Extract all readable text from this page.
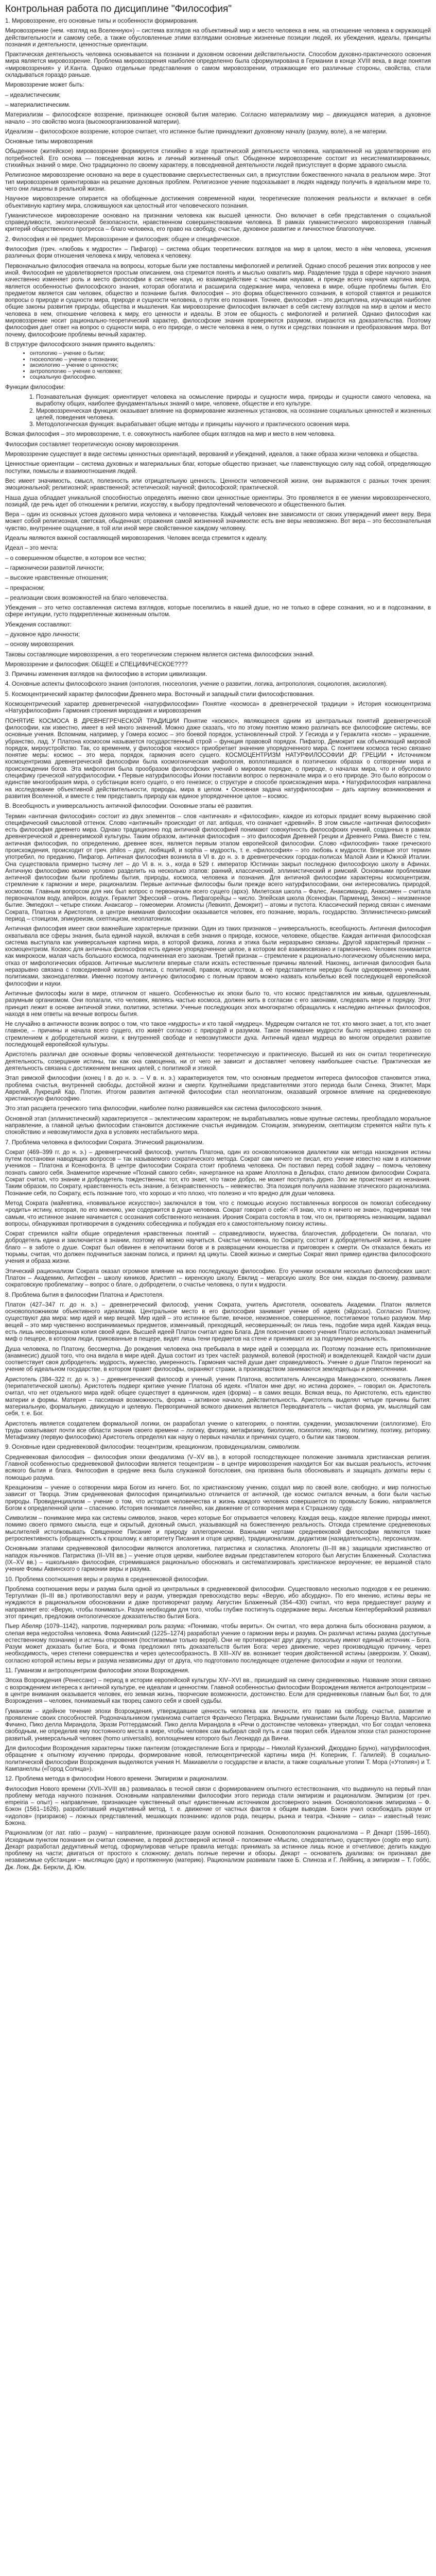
Контрольная работа по дисциплине "Философия"

1. Мировоззрение, его основные типы и особенности формирования.

Мировоззрение (нем. «взгляд на Вселенную») – система взглядов на объективный мир и место человека в нем, на отношение человека к окружающей действительности и самому себе, а также обусловленные этими взглядами основные жизненные позиции людей, их убеждения, идеалы, принципы познания и деятельности, ценностные ориентации.

Практическая деятельность человека основывается на познании и духовном освоении действительности. Способом духовно-практического освоения мира является мировоззрение. Проблема мировоззрения наиболее определенно была сформулирована в Германии в конце XVIII века, в виде понятия «мировоззрения» у И.Канта. Однако отдельные представления о самом мировоззрении, отражающие его различные стороны, свойства, стали складываться гораздо раньше.

Мировоззрение может быть:

– идеалистическим;

– материалистическим.

Материализм – философское воззрение, признающее основой бытия материю. Согласно материализму мир – движущаяся материя, а духовное начало – это свойство мозга (высокоорганизованной материи).

Идеализм – философское воззрение, которое считает, что истинное бытие принадлежит духовному началу (разуму, воле), а не материи.

Основные типы мировоззрения

Обыденное (житейское) мировоззрение формируется стихийно в ходе практической деятельности человека, направленной на удовлетворение его потребностей. Его основа — повседневная жизнь и личный жизненный опыт. Обыденное мировоззрение состоит из несистематизированных, стихийных знаний о мире. Оно традиционно по своему характеру, в повседневной деятельности людей присутствует в форме здравого смысла.

Религиозное мировоззрение основано на вере в существование сверхъестественных сил, в присутствии божественного начала в реальном мире. Этот тип мировоззрения ориентирован на решение духовных проблем. Религиозное учение подсказывает в людях надежду получить в идеальном мире то, чего они лишены в реальной жизни.

Научное мировоззрение опирается на обобщенные достижения современной науки, теоретические положения реальности и включает в себя объективную картину мира, сложившуюся как целостный итог человеческого познания.

Гуманистическое мировоззрение основано на признании человека как высшей ценности. Оно включает в себя представления о социальной справедливости, экологической безопасности, нравственном совершенствовании человека. В рамках гуманистического мировоззрения главный критерий общественного прогресса – благо человека, его право на свободу, счастье, духовное развитие и личностное благополучие.

2. Философия и её предмет. Мировоззрение и философия: общее и специфическое.

Философия (греч. «любовь к мудрости» – Пифагор) – система общих теоретических взглядов на мир в целом, место в нём человека, уяснения различных форм отношения человека к миру, человека к человеку.

Первоначально философия отвечала на вопросы, которые были уже поставлены мифологией и религией. Однако способ решения этих вопросов у нее иной. Философия не удовлетворяется простым описанием, она стремится понять и мыслью охватить мир. Разделение труда в сфере научного знания качественно изменяет роль и место философии в системе наук, но взаимодействие с частными науками, и прежде всего научная картина мира, является особенностью философского знания, которая обогатила и расширила содержание мира, человека в мире, общие проблемы бытия. Его предметом является сам человек, общество и познание бытия. Философия – это форма общественного сознания, в которой ставятся и решаются вопросы о природе и сущности мира, природе и сущности человека, о путях его познания. Точнее, философия – это дисциплина, изучающая наиболее общие законы развития природы, общества и мышления. Как мировоззрение философия включает в себя систему взглядов на мир в целом и место человека в нем, отношение человека к миру, его ценности и идеалы. В этом ее общность с мифологией и религией. Однако философия как мировоззрение носит рационально-теоретический характер, философские знания проверяются разумом, опираются на доказательства. Поэтому философия дает ответ на вопрос о сущности мира, о его природе, о месте человека в нем, о путях и средствах познания и преобразования мира. Вот почему, философские проблемы вечный характер.

В структуре философского знания принято выделять:

• онтологию – учение о бытии;
• гносеологию – учение о познании;
• аксиологию – учение о ценностях;
• антропологию – учение о человеке;
• социальную философию.

Функции философии:

1. Познавательная функция: ориентирует человека на осмысление природы и сущности мира, природы и сущности самого человека, на выработку общих, наиболее фундаментальных знаний о мире, человеке, обществе и его культуре.
2. Мировоззренческая функция: оказывает влияние на формирование жизненных установок, на осознание социальных ценностей и жизненных целей, поведения человека.
3. Методологическая функция: вырабатывает общие методы и принципы научного и практического освоения мира.

Всякая философия – это мировоззрение, т. е. совокупность наиболее общих взглядов на мир и место в нем человека.

Философия составляет теоретическую основу мировоззрения.

Мировоззрение существует в виде системы ценностных ориентаций, верований и убеждений, идеалов, а также образа жизни человека и общества.

Ценностные ориентации – система духовных и материальных благ, которые общество признает, чье главенствующую силу над собой, определяющую поступки, помыслы и взаимоотношения людей.

Вес имеет значимость, смысл, полезность или отрицательную ценность. Ценности человеческой жизни, они выражаются с разных точек зрения: эмоциональной; религиозной; нравственной; эстетической; научной; философской; практической.

Наша душа обладает уникальной способностью определять именно свои ценностные ориентиры. Это проявляется в ее умении мировоззренческого, позиций, где речь идет об отношении к религии, искусству, к выбору предпочтений человеческого и общественного бытия.

Вера – один из основных устоев духовного мира человека и человечества. Каждый человек вне зависимости от своих утверждений имеет веру. Вера может собой религиозная, светская, обыденная; отражения самой жизненной значимости: есть вне веры невозможно. Вот вера – это бессознательная чувство, внутреннее ощущение, в той или иной мере свойственное каждому человеку.

Идеалы являются важной составляющей мировоззрения. Человек всегда стремится к идеалу.

Идеал – это мечта:

– о совершенном обществе, в котором все честно;

– гармонически развитой личности;

– высокие нравственные отношения;

– прекрасном;

– реализации своих возможностей на благо человечества.

Убеждения – это четко составленная система взглядов, которые поселились в нашей душе, но не только в сфере сознания, но и в подсознании, в сфере интуиции, густо подкрепленные жизненным опытом.

Убеждения составляют:

– духовное ядро личности;

– основу мировоззрения.

Таковы составляющие мировоззрения, а его теоретическим стержнем является система философских знаний.

Мировоззрение и философия: ОБЩЕЕ и СПЕЦИФИЧЕСКОЕ????

3. Причины изменения взглядов на философию в истории цивилизации.

4. Основные аспекты философского знания (онтология, гносеология, учение о развитии, логика, антропология, социология, аксиология).

5. Космоцентрический характер философии Древнего мира. Восточный и западный стили философствования.

Космоцентрический характер древнегреческой «натурфилософии» Понятие «космоса» в древнегреческой традиции » История космоцентризма «Натурфилософия» Гармония строения мироздания и мировоззрения

ПОНЯТИЕ КОСМОСА В ДРЕВНЕГРЕЧЕСКОЙ ТРАДИЦИИ Понятие «космос», являющееся одним из центральных понятий древнегреческой философии, как известно, имеет в ней много значений. Можно даже сказать, что по этому понятию можно различать все философские системы, все основные учения. Вспомним, например, у Гомера космос – это боевой порядок, установленный строй. У Гесиода и у Гераклита «косм» – украшение, убранство, лад. У Платона космосом называется государственный строй – функция правовой порядок. Пифагор, Демокрит как объемлющий мировой порядок, мироустройство. Так, со временем, у философов «космос» приобретает значение упорядоченного мира. С понятием космоса тесно связано понятие меры: космос – это мера, порядок, гармония всего сущего. КОСМОЦЕНТРИЗМ НАТУРФИЛОСОФИИ ДР. ГРЕЦИИ • Источником космоцентризма древнегреческой философии была космогоническая мифология, воплотившаяся в поэтических образах о сотворении мира и происхождении богов. Эта мифология была прообразом философских учений о мировом порядке, о природе, о началах мира, что и обусловило специфику греческой натурфилософии. • Первые натурфилософы Ионии поставили вопрос о первоначале мира и о его природе. Это было вопросом о единстве многообразия мира, о субстанции всего сущего, о его генезисе; о структуре и способе происхождения мира. • Натурфилософия направлена на исследование объективной действительности, природы, мира в целом. • Основная задача натурфилософии – дать картину возникновения и развития Вселенной, и вместе с тем представить природу как единое упорядоченное целое – космос.

В. Всеобщность и универсальность античной философии. Основные этапы её развития.

Термин «античная философия» состоит из двух элементов – слов «античная» и «философия», каждое из которых придает всему выражению свой специфический смысловой оттенок. Слово «античный» происходит от лат. antiquus, что означает «древний». В этом смысле «античная философия» есть философия древнего мира. Однако традиционно под античной философией понимают совокупность философских учений, созданных в рамках древнегреческой и древнеримской культуры. Таким образом, античная философия – это философия Древней Греции и Древнего Рима. Вместе с тем, античная философия, по определению, древнее всех, является первым этапом европейской философии. Слово «философия» также греческого происхождения, происходит от греч. philos – друг, любящий, и sophia – мудрость, т. е. «философия» – это любовь к мудрости. Впервые этот термин употребил, по преданию, Пифагор. Античная философия возникла в VI в. до н. э. в древнегреческих городах-полисах Малой Азии и Южной Италии. Она существовала примерно тысячу лет – до VI в. н. э., когда в 529 г. император Юстиниан закрыл последнюю философскую школу в Афинах. Античную философию можно условно разделить на несколько этапов: ранний, классический, эллинистический и римский. Основными проблемами античной философии были проблемы бытия, природы, космоса, человека и познания. Для античной философии характерны космоцентризм, стремление к гармонии и мере, рационализм. Первые античные философы были прежде всего натурфилософами, они интересовались природой, космосом. Главным вопросом для них был вопрос о первоначале всего сущего (архэ). Милетская школа – Фалес, Анаксимандр, Анаксимен – считала первоначалом воду, апейрон, воздух. Гераклит Эфесский – огонь. Пифагорейцы – число. Элейская школа (Ксенофан, Парменид, Зенон) – неизменное бытие. Эмпедокл – четыре стихии. Анаксагор – гомеомерии. Атомисты (Левкипп, Демокрит) – атомы и пустота. Классический период связан с именами Сократа, Платона и Аристотеля, в центре внимания философии оказывается человек, его познание, мораль, государство. Эллинистическо-римский период – стоицизм, эпикуреизм, скептицизм, неоплатонизм.

Античная философия имеет свои важнейшие характерные признаки. Один из таких признаков – универсальность, всеобщность. Античная философия охватывала все сферы знания, была единой наукой, включая в себя знания о природе, космосе, человеке, обществе. Каждая античная философская система выступала как универсальная картина мира, в которой физика, логика и этика были неразрывно связаны. Другой характерный признак – космоцентризм. Космос для античных философов есть единое упорядоченное целое, в котором всё взаимосвязано и гармонично. Человек понимается как микрокосм, малая часть большого космоса, подчиненная его законам. Третий признак – стремление к рационально-логическому объяснению мира, отказ от мифологических образов. Античные мыслители впервые стали искать естественные причины явлений. Наконец, античная философия была неразрывно связана с повседневной жизнью полиса, с политикой, правом, искусством, а её представители нередко были одновременно учеными, политиками, законодателями. Именно поэтому античную философию с полным правом можно назвать колыбелью всей последующей европейской философии и науки.

Античные философы жили в мире, отличном от нашего. Особенностью их эпохи было то, что космос представлялся им живым, одушевленным, разумным организмом. Они полагали, что человек, являясь частью космоса, должен жить в согласии с его законами, следовать мере и порядку. Этот принцип лежит в основе античной этики, политики, эстетики. Ученые последующих эпох многократно обращались к наследию античных философов, находя в нем ответы на вечные вопросы бытия.

Не случайно в античности возник вопрос о том, что такое «мудрость» и кто такой «мудрец». Мудрецом считался не тот, кто много знает, а тот, кто знает главное, – причины и начала всего сущего, кто живёт согласно с природой и разумом. Такое понимание мудрости было неразрывно связано со стремлением к добродетельной жизни, к внутренней свободе и невозмутимости духа. Античный идеал мудреца во многом определил развитие последующей европейской культуры.

Аристотель различал две основные формы человеческой деятельности: теоретическую и практическую. Высшей из них он считал теоретическую деятельность, созерцание истины, так как она самоценна, ни от чего не зависит и доставляет человеку наибольшее счастье. Практическая же деятельность связана с достижением внешних целей, с политикой и этикой.

Этап римской философии (конец I в. до н. э. – V в. н. э.) характеризуется тем, что основным предметом интереса философов становится этика, проблема счастья, внутренней свободы, достойной жизни и смерти. Крупнейшими представителями этого периода были Сенека, Эпиктет, Марк Аврелий, Лукреций Кар, Плотин. Итогом развития античной философии стал неоплатонизм, оказавший огромное влияние на средневековую христианскую философию.

Это этап расцвета греческого типа философии, наиболее полно развившейся как система философского знания.

Основной этап (эллинистический) характеризуется – эклектическим характером; не вырабатывались новые крупные системы, преобладало моральное направление, а главной целью философии становится достижение счастья индивидом. Стоицизм, эпикуреизм, скептицизм стремятся найти путь к спокойствию и невозмутимости духа в условиях нестабильного мира.

7. Проблема человека в философии Сократа. Этический рационализм.

Сократ (469–399 гг. до н. э.) – древнегреческий философ, учитель Платона, один из основоположников диалектики как метода нахождения истины путем постановки наводящих вопросов – так называемого сократического метода. Сократ сам ничего не писал, его учение известно нам в изложении учеников – Платона и Ксенофонта. В центре философии Сократа стоит проблема человека. Он поставил перед собой задачу – помочь человеку познать самого себя. Знаменитое изречение «Познай самого себя», начертанное на храме Аполлона в Дельфах, стало девизом философии Сократа. Сократ считал, что знание и добродетель тождественны: тот, кто знает, что такое добро, не может поступать дурно. Зло же проистекает из незнания. Таким образом, по Сократу, нравственность есть знание, а безнравственность – невежество. Эта позиция получила название этического рационализма. Познание себя, по Сократу, есть познание того, что хорошо и что плохо, что полезно и что вредно для души человека.

Метод Сократа (майевтика, «повивальное искусство») заключался в том, что с помощью искусно поставленных вопросов он помогал собеседнику «родить» истину, которая, по его мнению, уже содержится в душе человека. Сократ говорил о себе: «Я знаю, что я ничего не знаю», подчеркивая тем самым, что истинное знание начинается с осознания собственного незнания. Ирония Сократа состояла в том, что он, притворяясь незнающим, задавал вопросы, обнаруживая противоречия в суждениях собеседника и побуждая его к самостоятельному поиску истины.

Сократ стремился найти общие определения нравственных понятий – справедливости, мужества, благочестия, добродетели. Он полагал, что добродетель едина и заключается в знании, поэтому ей можно научиться. Счастье человека, по Сократу, состоит в добродетельной жизни, а высшее благо – в заботе о душе. Сократ был обвинен в непочитании богов и в развращении юношества и приговорен к смерти. Он отказался бежать из тюрьмы, считая, что должен подчиниться законам полиса, и принял яд цикуты. Своей жизнью и смертью Сократ явил пример единства философского учения и образа жизни.

Этический рационализм Сократа оказал огромное влияние на всю последующую философию. Его ученики основали несколько философских школ: Платон – Академию, Антисфен – школу киников, Аристипп – киренскую школу, Евклид – мегарскую школу. Все они, каждая по-своему, развивали сократовскую проблематику – вопрос о благе, о добродетели, о счастье человека, о пути к мудрости.

8. Проблема бытия в философии Платона и Аристотеля.

Платон (427–347 гг. до н. э.) – древнегреческий философ, ученик Сократа, учитель Аристотеля, основатель Академии. Платон является основоположником объективного идеализма. Центральное место в его философии занимает учение об идеях (эйдосах). Согласно Платону, существуют два мира: мир идей и мир вещей. Мир идей – это истинное бытие, вечное, неизменное, совершенное, постигаемое только разумом. Мир вещей – это мир чувственно воспринимаемых предметов, изменчивый, преходящий, несовершенный; он лишь тень, подобие мира идей. Каждая вещь есть лишь несовершенная копия своей идеи. Высшей идеей Платон считал идею Блага. Для пояснения своего учения Платон использовал знаменитый миф о пещере, в котором люди, прикованные в пещере, видят лишь тени предметов на стене и принимают их за подлинную реальность.

Душа человека, по Платону, бессмертна. До рождения человека она пребывала в мире идей и созерцала их. Поэтому познание есть припоминание (анамнесис) душой того, что она видела в мире идей. Душа состоит из трех частей: разумной, волевой (яростной) и вожделеющей. Каждой части души соответствует своя добродетель: мудрость, мужество, умеренность. Гармония частей души дает справедливость. Учение о душе Платон переносит на учение об идеальном государстве, в котором правят философы, охраняют стражи, а производством занимаются земледельцы и ремесленники.

Аристотель (384–322 гг. до н. э.) – древнегреческий философ и ученый, ученик Платона, воспитатель Александра Македонского, основатель Ликея (перипатетической школы). Аристотель подверг критике учение Платона об идеях. «Платон мне друг, но истина дороже», – говорил он. Аристотель считал, что нет отдельного мира идей: общее существует в единичном, идея (форма) – в самих вещах. Всякая вещь, по Аристотелю, есть единство материи и формы. Материя – пассивная возможность, форма – активное начало, действительность. Аристотель выделял четыре причины бытия: материальную, формальную, движущую и целевую. Первопричиной всякого движения является Перводвигатель – чистая форма, ум, мыслящий сам себя, т. е. Бог.

Аристотель является создателем формальной логики, он разработал учение о категориях, о понятии, суждении, умозаключении (силлогизме). Его труды охватывают почти все области знания своего времени – логику, физику, метафизику, биологию, психологию, этику, политику, поэтику, риторику. Метафизику (первую философию) Аристотель определял как науку о первых началах и причинах сущего, о бытии как таковом.

9. Основные идеи средневековой философии: теоцентризм, креационизм, провиденциализм, символизм.

Средневековая философия – философия эпохи феодализма (V–XV вв.), в которой господствующее положение занимала христианская религия. Главной особенностью средневековой философии является теоцентризм – в центре мировоззрения находится Бог как высшая реальность, источник всякого бытия и блага. Философия в средние века была служанкой богословия, она призвана была обосновывать и защищать догматы веры с помощью разума.

Креационизм – учение о сотворении мира Богом из ничего. Бог, по христианскому учению, создал мир по своей воле, свободно, и мир полностью зависит от Творца. Этим средневековая философия принципиально отличается от античной, где космос считался вечным, а боги были частью природы. Провиденциализм – учение о том, что история человечества и жизнь каждого человека совершается по промыслу Божию, направляется Богом к определенной цели – спасению. История понимается линейно, как движение от сотворения мира к Страшному суду.

Символизм – понимание мира как системы символов, знаков, через которые Бог открывается человеку. Каждая вещь, каждое явление природы имеют, помимо своего прямого смысла, еще и скрытый, духовный смысл, указывающий на божественную реальность. Отсюда стремление средневековых мыслителей истолковывать Священное Писание и природу аллегорически. Важными чертами средневековой философии являются также ретроспективность (обращенность к прошлому, к авторитету Писания и отцов церкви), традиционализм, дидактизм (назидательность), персонализм.

Основными этапами средневековой философии являются апологетика, патристика и схоластика. Апологеты (II–III вв.) защищали христианство от нападок язычников. Патристика (II–VIII вв.) – учение отцов церкви, наиболее видным представителем которого был Августин Блаженный. Схоластика (IX–XV вв.) – «школьная» философия, стремившаяся рационально обосновать и систематизировать христианское вероучение; ее вершиной стало учение Фомы Аквинского о гармонии веры и разума.

10. Проблема соотношения веры и разума в средневековой философии.

Проблема соотношения веры и разума была одной из центральных в средневековой философии. Существовало несколько подходов к ее решению. Тертуллиан (II–III вв.) противопоставлял веру и разум, утверждая превосходство веры: «Верую, ибо абсурдно». По его мнению, истины веры не нуждаются в рациональном обосновании и даже противоречат разуму. Августин Блаженный (354–430) считал, что вера предшествует разуму и направляет его: «Верую, чтобы понимать». Разум необходим для того, чтобы глубже постигнуть содержание веры. Ансельм Кентерберийский развивал этот принцип, предложив онтологическое доказательство бытия Бога.

Пьер Абеляр (1079–1142), напротив, подчеркивал роль разума: «Понимаю, чтобы верить». Он считал, что вера должна быть обоснована разумом, а слепая вера недостойна человека. Фома Аквинский (1225–1274) разработал учение о гармонии веры и разума. Он различал истины разума (доступные естественному познанию) и истины откровения (постигаемые только верой). Они не противоречат друг другу, поскольку имеют единый источник – Бога. Разум может доказать бытие Бога, и Фома предложил пять доказательств бытия Бога: через движение, через производящую причину, через необходимость, через степени совершенства и через целесообразность. В XIII–XIV вв. возникает теория двойственной истины (аверроизм, У. Оккам), согласно которой истины веры и разума независимы друг от друга, что подготовило последующее отделение философии и науки от теологии.

11. Гуманизм и антропоцентризм философии эпохи Возрождения.

Эпоха Возрождения (Ренессанс) – период в истории европейской культуры XIV–XVI вв., пришедший на смену средневековью. Название эпохи связано с возрождением интереса к античной культуре, ее идеалам и ценностям. Главной особенностью философии Возрождения является антропоцентризм – в центре внимания оказывается человек, его земная жизнь, творческие возможности, достоинство. Если для средневековья главным был Бог, то для Возрождения – человек, понимаемый как творец самого себя и своей судьбы.

Гуманизм – идейное течение эпохи Возрождения, утверждавшее ценность человека как личности, его право на свободу, счастье, развитие и проявление своих способностей. Родоначальником гуманизма считается Франческо Петрарка. Видными гуманистами были Лоренцо Валла, Марсилио Фичино, Пико делла Мирандола, Эразм Роттердамский. Пико делла Мирандола в «Речи о достоинстве человека» утверждал, что Бог создал человека свободным, не определив ему постоянного места в мире, чтобы человек сам выбирал свой путь и сам творил себя. Идеалом эпохи стал разносторонне развитый, универсальный человек (homo universalis), воплощением которого был Леонардо да Винчи.

Для философии Возрождения характерны также пантеизм (отождествление Бога и природы – Николай Кузанский, Джордано Бруно), натурфилософия, обращение к опытному изучению природы, формирование новой, гелиоцентрической картины мира (Н. Коперник, Г. Галилей). В социально-политической философии Возрождения выделяются учения Н. Макиавелли о государстве и власти, а также социальные утопии Т. Мора («Утопия») и Т. Кампанеллы («Город Солнца»).

12. Проблема метода в философии Нового времени. Эмпиризм и рационализм.

Философия Нового времени (XVII–XVIII вв.) развивалась в тесной связи с формированием опытного естествознания, что выдвинуло на первый план проблему метода научного познания. Основными направлениями философии этого периода стали эмпиризм и рационализм. Эмпиризм (от греч. empeiria – опыт) – направление, признающее чувственный опыт единственным источником достоверного знания. Основоположник эмпиризма – Ф. Бэкон (1561–1626), разработавший индуктивный метод, т. е. движение от частных фактов к общим выводам. Бэкон учил освобождать разум от «идолов» (призраков) – ложных представлений, мешающих познанию: идолов рода, пещеры, рынка и театра. «Знание – сила» – известный тезис Бэкона.

Рационализм (от лат. ratio – разум) – направление, признающее разум основой познания. Основоположник рационализма – Р. Декарт (1596–1650). Исходным пунктом познания он считал сомнение, а первой достоверной истиной – положение «Мыслю, следовательно, существую» (cogito ergo sum). Декарт разработал дедуктивный метод, сформулировав четыре правила метода: принимать за истинное лишь ясное и отчетливое; делить каждую проблему на части; двигаться от простого к сложному; делать полные перечни и обзоры. Декарт – основатель дуализма: он признавал две независимые субстанции – мыслящую (дух) и протяженную (материю). Рационализм развивали также Б. Спиноза и Г. Лейбниц, а эмпиризм – Т. Гоббс, Дж. Локк, Дж. Беркли, Д. Юм.
